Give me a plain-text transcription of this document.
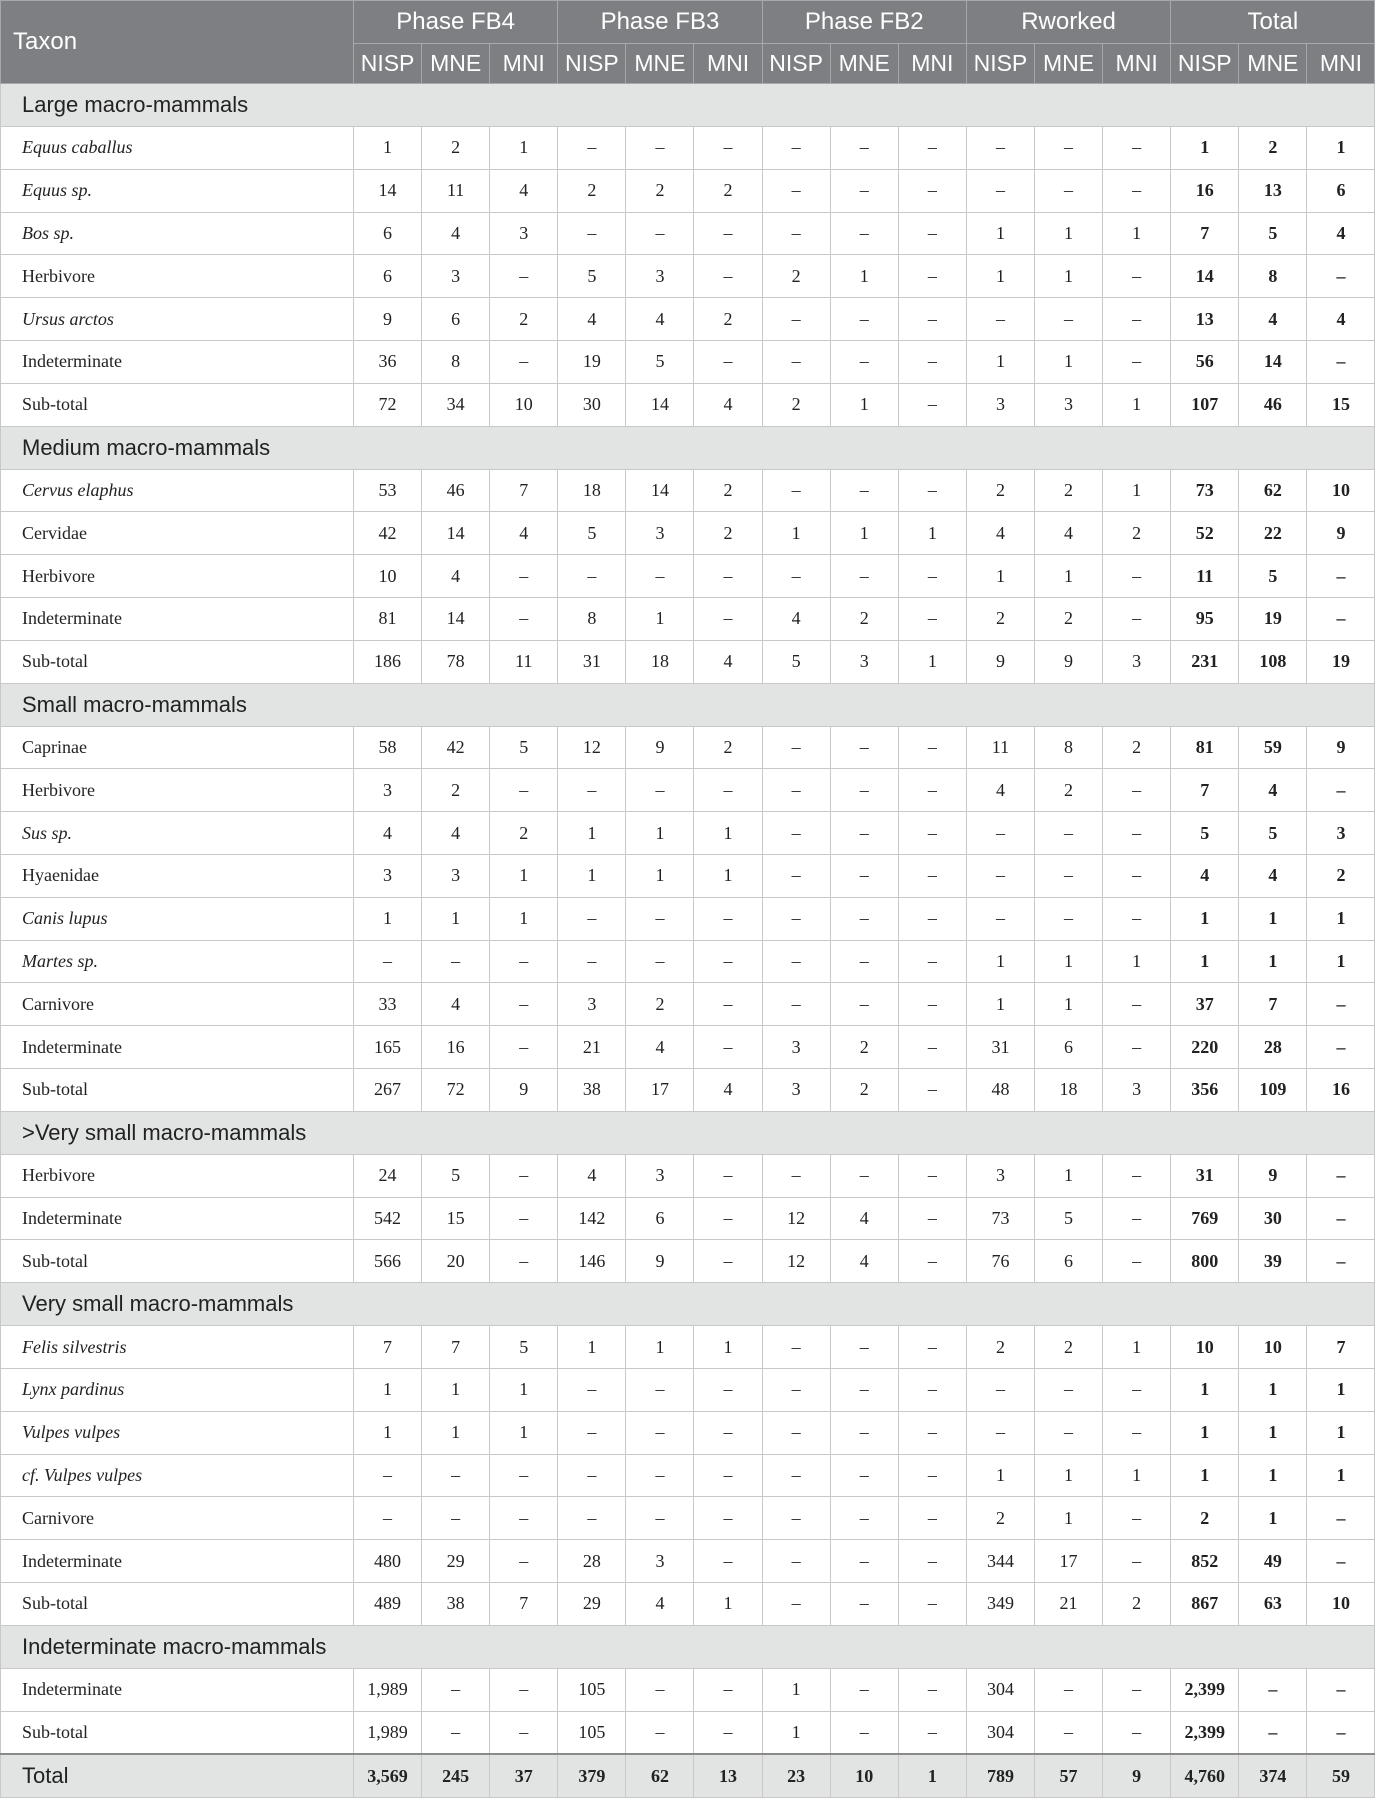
Taxon	Phase FB4			Phase FB3			Phase FB2			Rworked			Total		
	NISP	MNE	MNI	NISP	MNE	MNI	NISP	MNE	MNI	NISP	MNE	MNI	NISP	MNE	MNI
Large macro-mammals															
Equus caballus	1	2	1	–	–	–	–	–	–	–	–	–	1	2	1
Equus sp.	14	11	4	2	2	2	–	–	–	–	–	–	16	13	6
Bos sp.	6	4	3	–	–	–	–	–	–	1	1	1	7	5	4
Herbivore	6	3	–	5	3	–	2	1	–	1	1	–	14	8	–
Ursus arctos	9	6	2	4	4	2	–	–	–	–	–	–	13	4	4
Indeterminate	36	8	–	19	5	–	–	–	–	1	1	–	56	14	–
Sub-total	72	34	10	30	14	4	2	1	–	3	3	1	107	46	15
Medium macro-mammals															
Cervus elaphus	53	46	7	18	14	2	–	–	–	2	2	1	73	62	10
Cervidae	42	14	4	5	3	2	1	1	1	4	4	2	52	22	9
Herbivore	10	4	–	–	–	–	–	–	–	1	1	–	11	5	–
Indeterminate	81	14	–	8	1	–	4	2	–	2	2	–	95	19	–
Sub-total	186	78	11	31	18	4	5	3	1	9	9	3	231	108	19
Small macro-mammals															
Caprinae	58	42	5	12	9	2	–	–	–	11	8	2	81	59	9
Herbivore	3	2	–	–	–	–	–	–	–	4	2	–	7	4	–
Sus sp.	4	4	2	1	1	1	–	–	–	–	–	–	5	5	3
Hyaenidae	3	3	1	1	1	1	–	–	–	–	–	–	4	4	2
Canis lupus	1	1	1	–	–	–	–	–	–	–	–	–	1	1	1
Martes sp.	–	–	–	–	–	–	–	–	–	1	1	1	1	1	1
Carnivore	33	4	–	3	2	–	–	–	–	1	1	–	37	7	–
Indeterminate	165	16	–	21	4	–	3	2	–	31	6	–	220	28	–
Sub-total	267	72	9	38	17	4	3	2	–	48	18	3	356	109	16
>Very small macro-mammals															
Herbivore	24	5	–	4	3	–	–	–	–	3	1	–	31	9	–
Indeterminate	542	15	–	142	6	–	12	4	–	73	5	–	769	30	–
Sub-total	566	20	–	146	9	–	12	4	–	76	6	–	800	39	–
Very small macro-mammals															
Felis silvestris	7	7	5	1	1	1	–	–	–	2	2	1	10	10	7
Lynx pardinus	1	1	1	–	–	–	–	–	–	–	–	–	1	1	1
Vulpes vulpes	1	1	1	–	–	–	–	–	–	–	–	–	1	1	1
cf. Vulpes vulpes	–	–	–	–	–	–	–	–	–	1	1	1	1	1	1
Carnivore	–	–	–	–	–	–	–	–	–	2	1	–	2	1	–
Indeterminate	480	29	–	28	3	–	–	–	–	344	17	–	852	49	–
Sub-total	489	38	7	29	4	1	–	–	–	349	21	2	867	63	10
Indeterminate macro-mammals															
Indeterminate	1,989	–	–	105	–	–	1	–	–	304	–	–	2,399	–	–
Sub-total	1,989	–	–	105	–	–	1	–	–	304	–	–	2,399	–	–
Total	3,569	245	37	379	62	13	23	10	1	789	57	9	4,760	374	59
